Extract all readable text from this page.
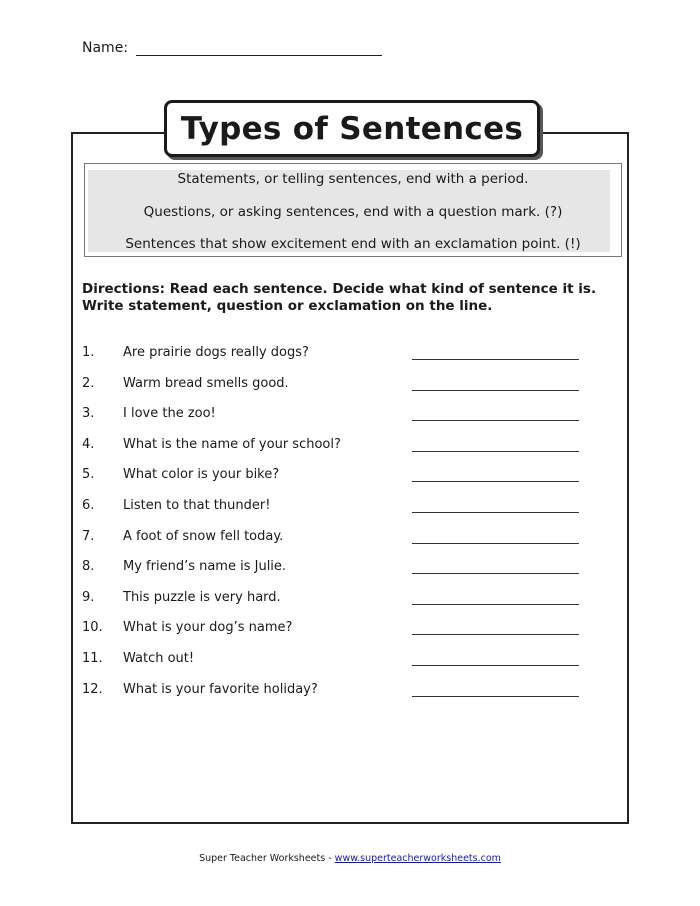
Name:
Types of Sentences
Statements, or telling sentences, end with a period.
Questions, or asking sentences, end with a question mark. (?)
Sentences that show excitement end with an exclamation point. (!)
Directions: Read each sentence. Decide what kind of sentence it is.
Write statement, question or exclamation on the line.
1. Are prairie dogs really dogs?
2. Warm bread smells good.
3. I love the zoo!
4. What is the name of your school?
5. What color is your bike?
6. Listen to that thunder!
7. A foot of snow fell today.
8. My friend’s name is Julie.
9. This puzzle is very hard.
10. What is your dog’s name?
11. Watch out!
12. What is your favorite holiday?
Super Teacher Worksheets - www.superteacherworksheets.com
